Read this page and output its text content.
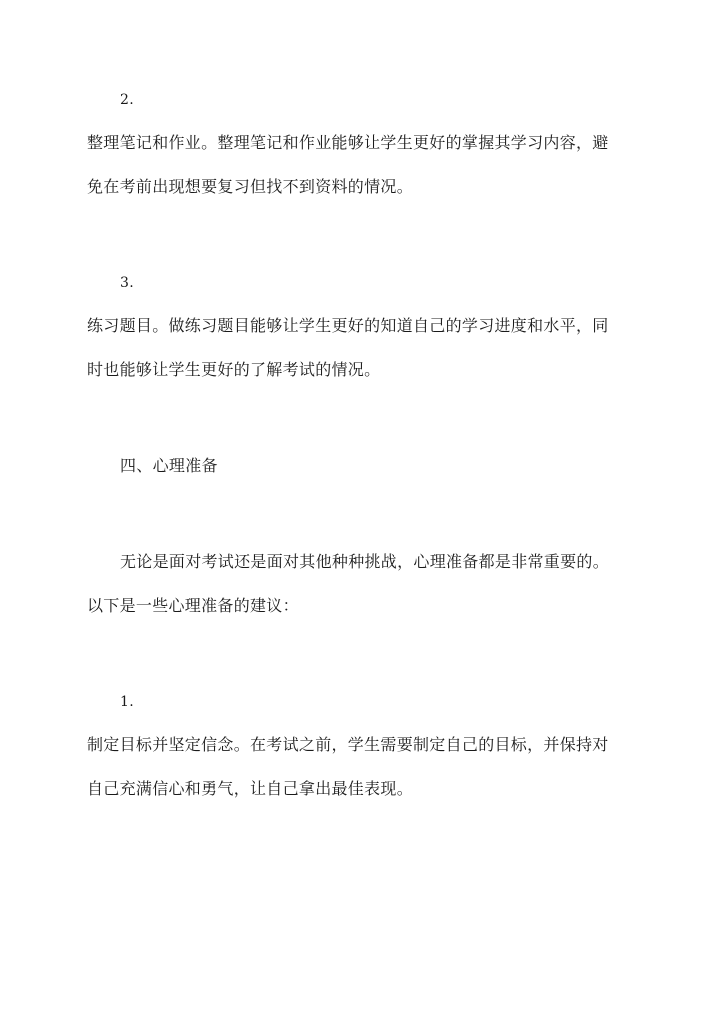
2.
整理笔记和作业。整理笔记和作业能够让学生更好的掌握其学习内容，避
免在考前出现想要复习但找不到资料的情况。
3.
练习题目。做练习题目能够让学生更好的知道自己的学习进度和水平，同
时也能够让学生更好的了解考试的情况。
四、心理准备
无论是面对考试还是面对其他种种挑战，心理准备都是非常重要的。
以下是一些心理准备的建议：
1.
制定目标并坚定信念。在考试之前，学生需要制定自己的目标，并保持对
自己充满信心和勇气，让自己拿出最佳表现。
